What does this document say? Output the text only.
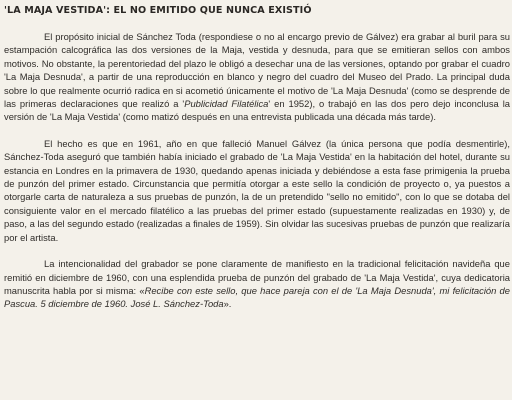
'LA MAJA VESTIDA': EL NO EMITIDO QUE NUNCA EXISTIÓ

El propósito inicial de Sánchez Toda (respondiese o no al encargo previo de Gálvez) era grabar al buril para su estampación calcográfica las dos versiones de la Maja, vestida y desnuda, para que se emitieran sellos con ambos motivos. No obstante, la perentoriedad del plazo le obligó a desechar una de las versiones, optando por grabar el cuadro 'La Maja Desnuda', a partir de una reproducción en blanco y negro del cuadro del Museo del Prado. La principal duda sobre lo que realmente ocurrió radica en si acometió únicamente el motivo de 'La Maja Desnuda' (como se desprende de las primeras declaraciones que realizó a 'Publicidad Filatélica' en 1952), o trabajó en las dos pero dejo inconclusa la versión de 'La Maja Vestida' (como matizó después en una entrevista publicada una década más tarde).

El hecho es que en 1961, año en que falleció Manuel Gálvez (la única persona que podía desmentirle), Sánchez-Toda aseguró que también había iniciado el grabado de 'La Maja Vestida' en la habitación del hotel, durante su estancia en Londres en la primavera de 1930, quedando apenas iniciada y debiéndose a esta fase primigenia la prueba de punzón del primer estado. Circunstancia que permitía otorgar a este sello la condición de proyecto o, ya puestos a otorgarle carta de naturaleza a sus pruebas de punzón, la de un pretendido "sello no emitido", con lo que se dotaba del consiguiente valor en el mercado filatélico a las pruebas del primer estado (supuestamente realizadas en 1930) y, de paso, a las del segundo estado (realizadas a finales de 1959). Sin olvidar las sucesivas pruebas de punzón que realizaría por el artista.

La intencionalidad del grabador se pone claramente de manifiesto en la tradicional felicitación navideña que remitió en diciembre de 1960, con una esplendida prueba de punzón del grabado de 'La Maja Vestida', cuya dedicatoria manuscrita habla por si misma: «Recibe con este sello, que hace pareja con el de 'La Maja Desnuda', mi felicitación de Pascua. 5 diciembre de 1960. José L. Sánchez-Toda».
